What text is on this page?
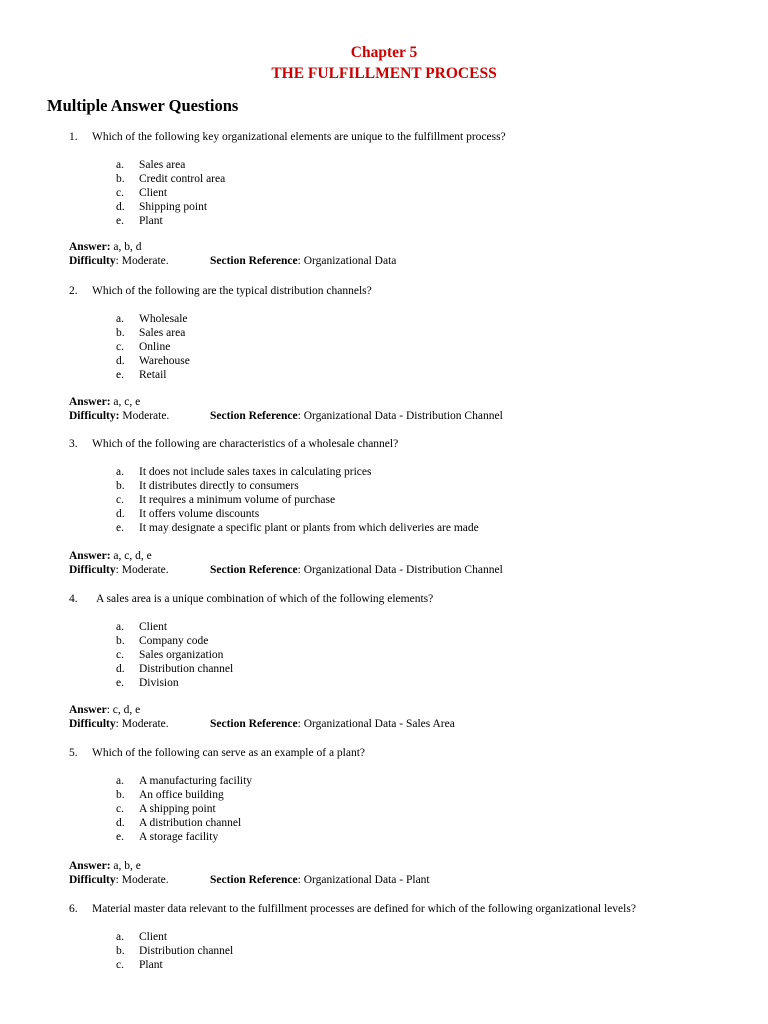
Chapter 5
THE FULFILLMENT PROCESS
Multiple Answer Questions
1. Which of the following key organizational elements are unique to the fulfillment process?
a. Sales area
b. Credit control area
c. Client
d. Shipping point
e. Plant
Answer: a, b, d
Difficulty: Moderate.	Section Reference: Organizational Data
2. Which of the following are the typical distribution channels?
a. Wholesale
b. Sales area
c. Online
d. Warehouse
e. Retail
Answer: a, c, e
Difficulty: Moderate.	Section Reference: Organizational Data - Distribution Channel
3. Which of the following are characteristics of a wholesale channel?
a. It does not include sales taxes in calculating prices
b. It distributes directly to consumers
c. It requires a minimum volume of purchase
d. It offers volume discounts
e. It may designate a specific plant or plants from which deliveries are made
Answer: a, c, d, e
Difficulty: Moderate.	Section Reference: Organizational Data - Distribution Channel
4. A sales area is a unique combination of which of the following elements?
a. Client
b. Company code
c. Sales organization
d. Distribution channel
e. Division
Answer: c, d, e
Difficulty: Moderate.	Section Reference: Organizational Data - Sales Area
5. Which of the following can serve as an example of a plant?
a. A manufacturing facility
b. An office building
c. A shipping point
d. A distribution channel
e. A storage facility
Answer: a, b, e
Difficulty: Moderate.	Section Reference: Organizational Data - Plant
6. Material master data relevant to the fulfillment processes are defined for which of the following organizational levels?
a. Client
b. Distribution channel
c. Plant
